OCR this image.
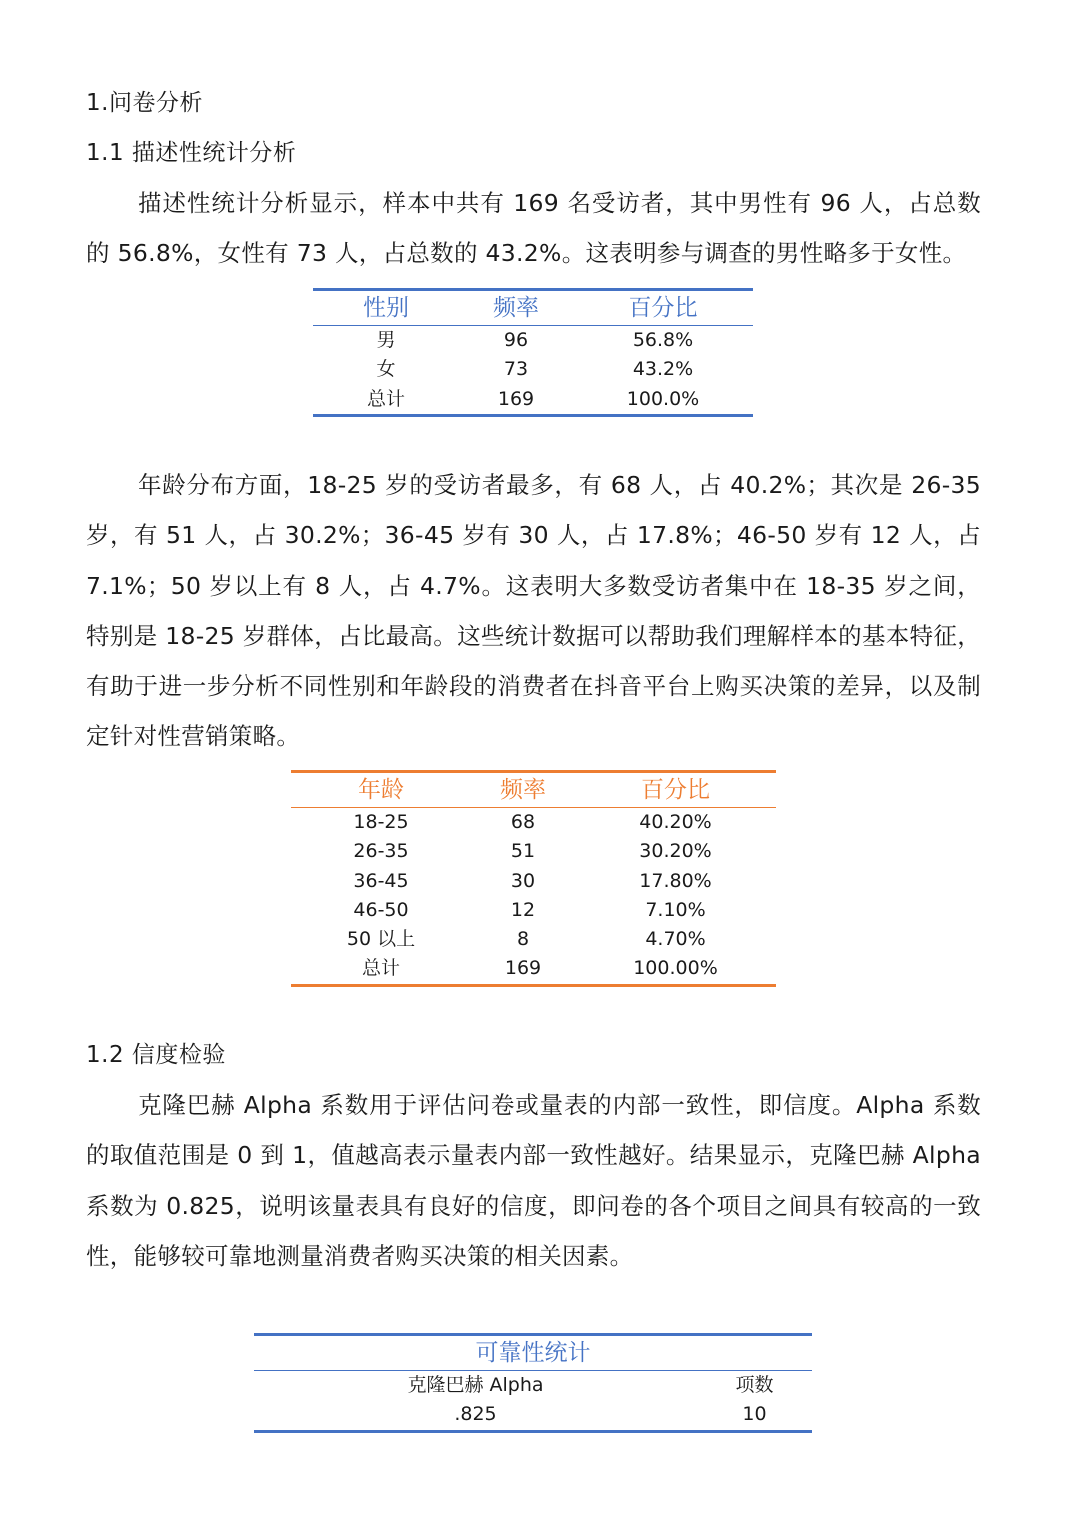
1.问卷分析
1.1 描述性统计分析

描述性统计分析显示，样本中共有 169 名受访者，其中男性有 96 人，占总数的 56.8%，女性有 73 人，占总数的 43.2%。这表明参与调查的男性略多于女性。

性别	频率	百分比
男	96	56.8%
女	73	43.2%
总计	169	100.0%

年龄分布方面，18-25 岁的受访者最多，有 68 人，占 40.2%；其次是 26-35 岁，有 51 人，占 30.2%；36-45 岁有 30 人，占 17.8%；46-50 岁有 12 人，占 7.1%；50 岁以上有 8 人，占 4.7%。这表明大多数受访者集中在 18-35 岁之间，特别是 18-25 岁群体，占比最高。这些统计数据可以帮助我们理解样本的基本特征，有助于进一步分析不同性别和年龄段的消费者在抖音平台上购买决策的差异，以及制定针对性营销策略。

年龄	频率	百分比
18-25	68	40.20%
26-35	51	30.20%
36-45	30	17.80%
46-50	12	7.10%
50 以上	8	4.70%
总计	169	100.00%
1.2 信度检验

克隆巴赫 Alpha 系数用于评估问卷或量表的内部一致性，即信度。Alpha 系数的取值范围是 0 到 1，值越高表示量表内部一致性越好。结果显示，克隆巴赫 Alpha 系数为 0.825，说明该量表具有良好的信度，即问卷的各个项目之间具有较高的一致性，能够较可靠地测量消费者购买决策的相关因素。

可靠性统计	
克隆巴赫 Alpha	项数
.825	10
